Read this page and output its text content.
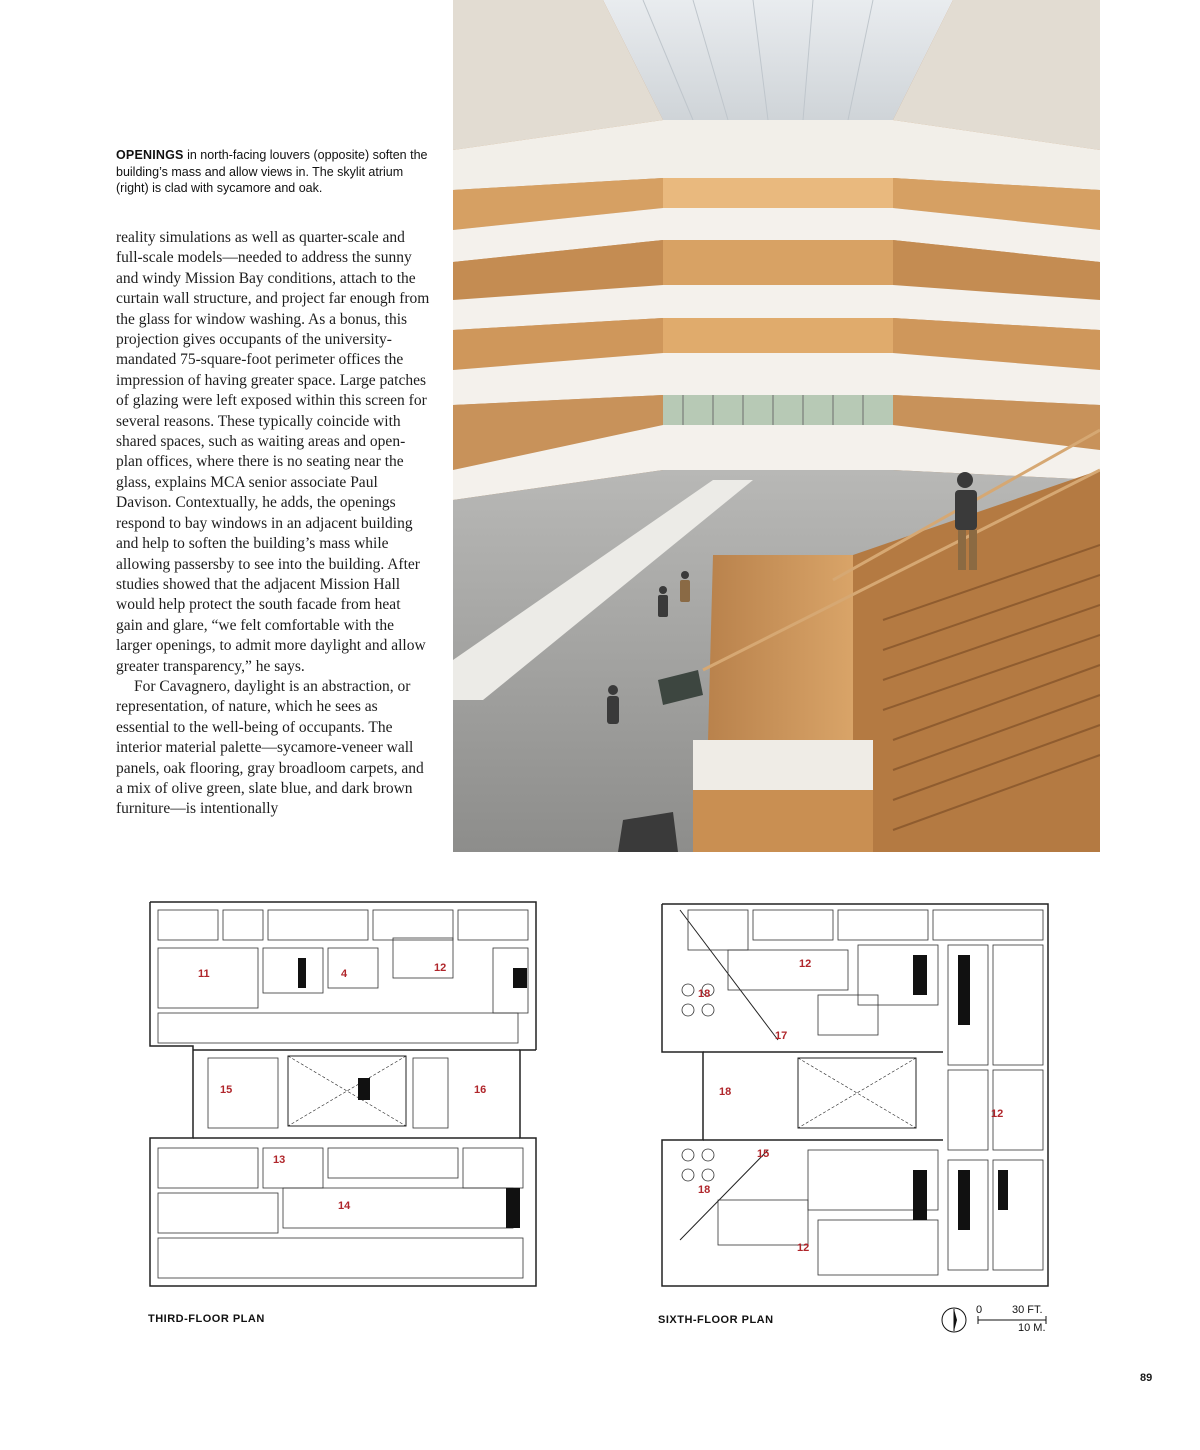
OPENINGS in north-facing louvers (opposite) soften the building’s mass and allow views in. The skylit atrium (right) is clad with sycamore and oak.

reality simulations as well as quarter-scale and full-scale models—needed to address the sunny and windy Mission Bay conditions, attach to the curtain wall structure, and project far enough from the glass for window washing. As a bonus, this projection gives occupants of the university-mandated 75-square-foot perimeter offices the impression of having greater space. Large patches of glazing were left exposed within this screen for several reasons. These typically coincide with shared spaces, such as waiting areas and open-plan offices, where there is no seating near the glass, explains MCA senior associate Paul Davison. Contextually, he adds, the openings respond to bay windows in an adjacent building and help to soften the building’s mass while allowing passersby to see into the building. After studies showed that the adjacent Mission Hall would help protect the south facade from heat gain and glare, “we felt comfortable with the larger openings, to admit more daylight and allow greater transparency,” he says.

For Cavagnero, daylight is an abstraction, or representation, of nature, which he sees as essential to the well-being of occupants. The interior material palette—sycamore-veneer wall panels, oak flooring, gray broadloom carpets, and a mix of olive green, slate blue, and dark brown furniture—is intentionally

11	4	12
15	16
13
14
18
12
17
18
12
15
18
12
THIRD-FLOOR PLAN	SIXTH-FLOOR PLAN
0	30 FT.
10 M.
89
